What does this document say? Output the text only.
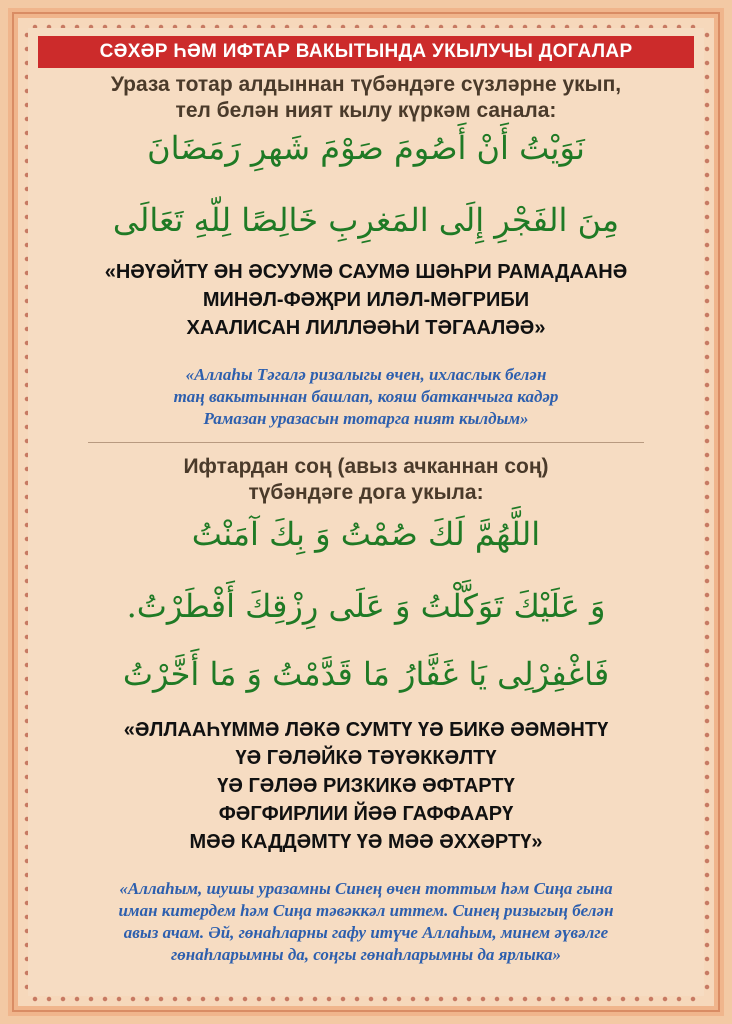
СӘХӘР ҺӘМ ИФТАР ВАКЫТЫНДА УКЫЛУЧЫ ДОГАЛАР
Ураза тотар алдыннан түбәндәге сүзләрне укып,
тел белән ният кылу күркәм санала:
نَوَيْتُ أَنْ أَصُومَ صَوْمَ شَهرِ رَمَضَانَ
مِنَ الفَجْرِ إِلَى المَغرِبِ خَالِصًا لِلّهِ تَعَالَى
«НӘҮӘЙТҮ ӘН ӘСУУМӘ САУМӘ ШӘҺРИ РАМАДААНӘ
МИНӘЛ-ФӘҖРИ ИЛӘЛ-МӘГРИБИ
ХААЛИСАН ЛИЛЛӘӘҺИ ТӘГААЛӘӘ»
«Аллаһы Тәгалә ризалыгы өчен, ихласлык белән
таң вакытыннан башлап, кояш батканчыга кадәр
Рамазан уразасын тотарга ният кылдым»
Ифтардан соң (авыз ачканнан соң)
түбәндәге дога укыла:
اللَّهُمَّ لَكَ صُمْتُ وَ بِكَ آمَنْتُ
وَ عَلَيْكَ تَوَكَّلْتُ وَ عَلَى رِزْقِكَ أَفْطَرْتُ.
فَاغْفِرْلِى يَا غَفَّارُ مَا قَدَّمْتُ وَ مَا أَخَّرْتُ
«ӘЛЛААҺҮММӘ ЛӘКӘ СУМТҮ ҮӘ БИКӘ ӘӘМӘНТҮ
ҮӘ ГӘЛӘЙКӘ ТӘҮӘККӘЛТҮ
ҮӘ ГӘЛӘӘ РИЗКИКӘ ӘФТАРТҮ
ФӘГФИРЛИИ ЙӘӘ ГАФФААРҮ
МӘӘ КАДДӘМТҮ ҮӘ МӘӘ ӘХХӘРТҮ»
«Аллаһым, шушы уразамны Синең өчен тоттым һәм Сиңа гына
иман китердем һәм Сиңа тәвәккәл иттем. Синең ризыгың белән
авыз ачам. Әй, гөнаһларны гафу итүче Аллаһым, минем әүвәлге
гөнаһларымны да, соңгы гөнаһларымны да ярлыка»
